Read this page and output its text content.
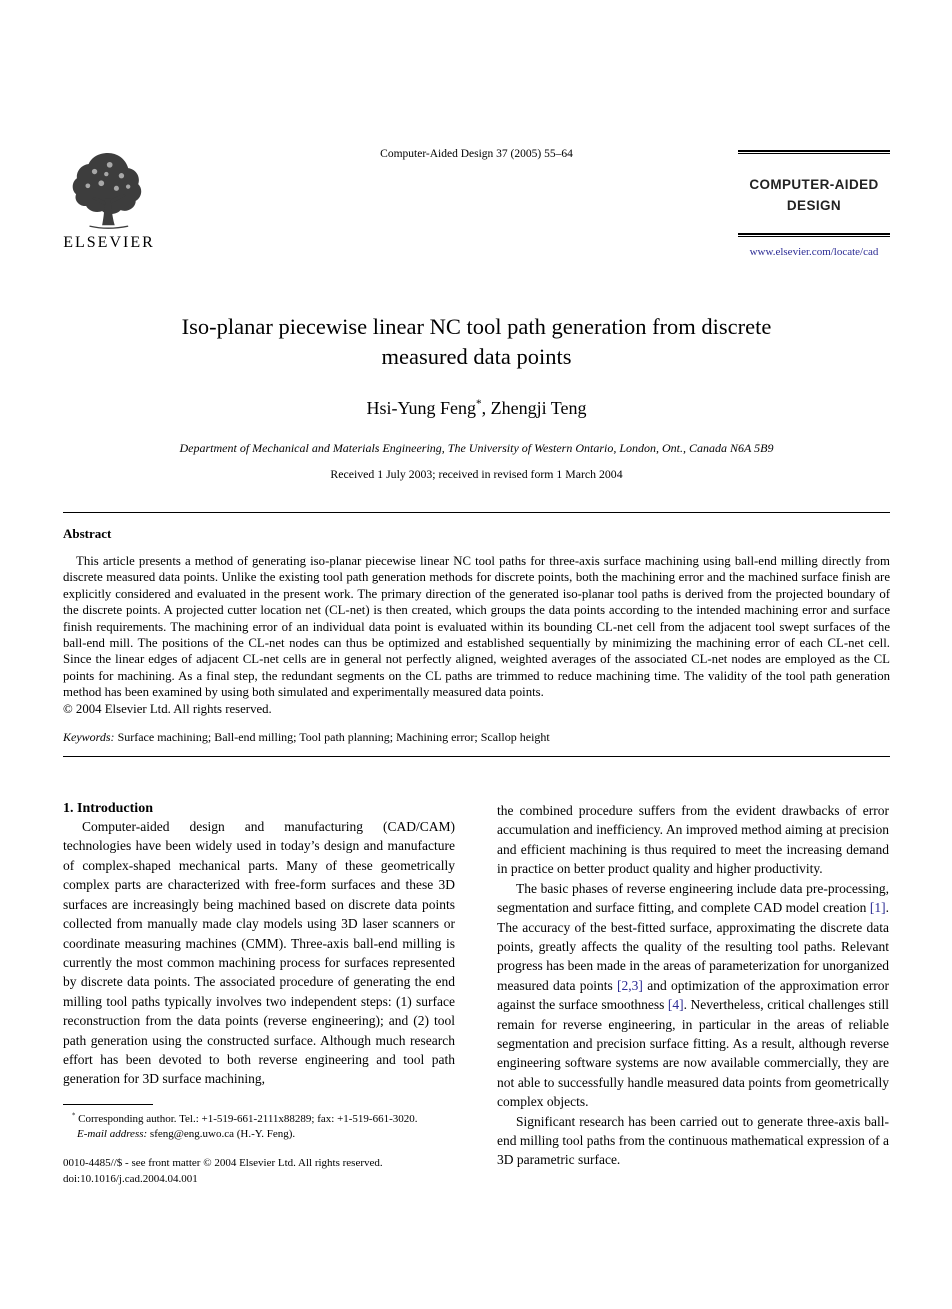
ELSEVIER
Computer-Aided Design 37 (2005) 55–64
COMPUTER-AIDED
DESIGN
www.elsevier.com/locate/cad
Iso-planar piecewise linear NC tool path generation from discrete
measured data points
Hsi-Yung Feng*, Zhengji Teng
Department of Mechanical and Materials Engineering, The University of Western Ontario, London, Ont., Canada N6A 5B9
Received 1 July 2003; received in revised form 1 March 2004
Abstract

This article presents a method of generating iso-planar piecewise linear NC tool paths for three-axis surface machining using ball-end milling directly from discrete measured data points. Unlike the existing tool path generation methods for discrete points, both the machining error and the machined surface finish are explicitly considered and evaluated in the present work. The primary direction of the generated iso-planar tool paths is derived from the projected boundary of the discrete points. A projected cutter location net (CL-net) is then created, which groups the data points according to the intended machining error and surface finish requirements. The machining error of an individual data point is evaluated within its bounding CL-net cell from the adjacent tool swept surfaces of the ball-end mill. The positions of the CL-net nodes can thus be optimized and established sequentially by minimizing the machining error of each CL-net cell. Since the linear edges of adjacent CL-net cells are in general not perfectly aligned, weighted averages of the associated CL-net nodes are employed as the CL points for machining. As a final step, the redundant segments on the CL paths are trimmed to reduce machining time. The validity of the tool path generation method has been examined by using both simulated and experimentally measured data points.

© 2004 Elsevier Ltd. All rights reserved.

Keywords: Surface machining; Ball-end milling; Tool path planning; Machining error; Scallop height

1. Introduction

Computer-aided design and manufacturing (CAD/CAM) technologies have been widely used in today’s design and manufacture of complex-shaped mechanical parts. Many of these geometrically complex parts are characterized with free-form surfaces and these 3D surfaces are increasingly being machined based on discrete data points collected from manually made clay models using 3D laser scanners or coordinate measuring machines (CMM). Three-axis ball-end milling is currently the most common machining process for surfaces represented by discrete data points. The associated procedure of generating the end milling tool paths typically involves two independent steps: (1) surface reconstruction from the data points (reverse engineering); and (2) tool path generation using the constructed surface. Although much research effort has been devoted to both reverse engineering and tool path generation for 3D surface machining,

* Corresponding author. Tel.: +1-519-661-2111x88289; fax: +1-519-661-3020.

E-mail address: sfeng@eng.uwo.ca (H.-Y. Feng).

0010-4485//$ - see front matter © 2004 Elsevier Ltd. All rights reserved.

doi:10.1016/j.cad.2004.04.001

the combined procedure suffers from the evident drawbacks of error accumulation and inefficiency. An improved method aiming at precision and efficient machining is thus required to meet the increasing demand in practice on better product quality and higher productivity.

The basic phases of reverse engineering include data pre-processing, segmentation and surface fitting, and complete CAD model creation [1]. The accuracy of the best-fitted surface, approximating the discrete data points, greatly affects the quality of the resulting tool paths. Relevant progress has been made in the areas of parameterization for unorganized measured data points [2,3] and optimization of the approximation error against the surface smoothness [4]. Nevertheless, critical challenges still remain for reverse engineering, in particular in the areas of reliable segmentation and precision surface fitting. As a result, although reverse engineering software systems are now available commercially, they are not able to successfully handle measured data points from geometrically complex objects.

Significant research has been carried out to generate three-axis ball-end milling tool paths from the continuous mathematical expression of a 3D parametric surface.
